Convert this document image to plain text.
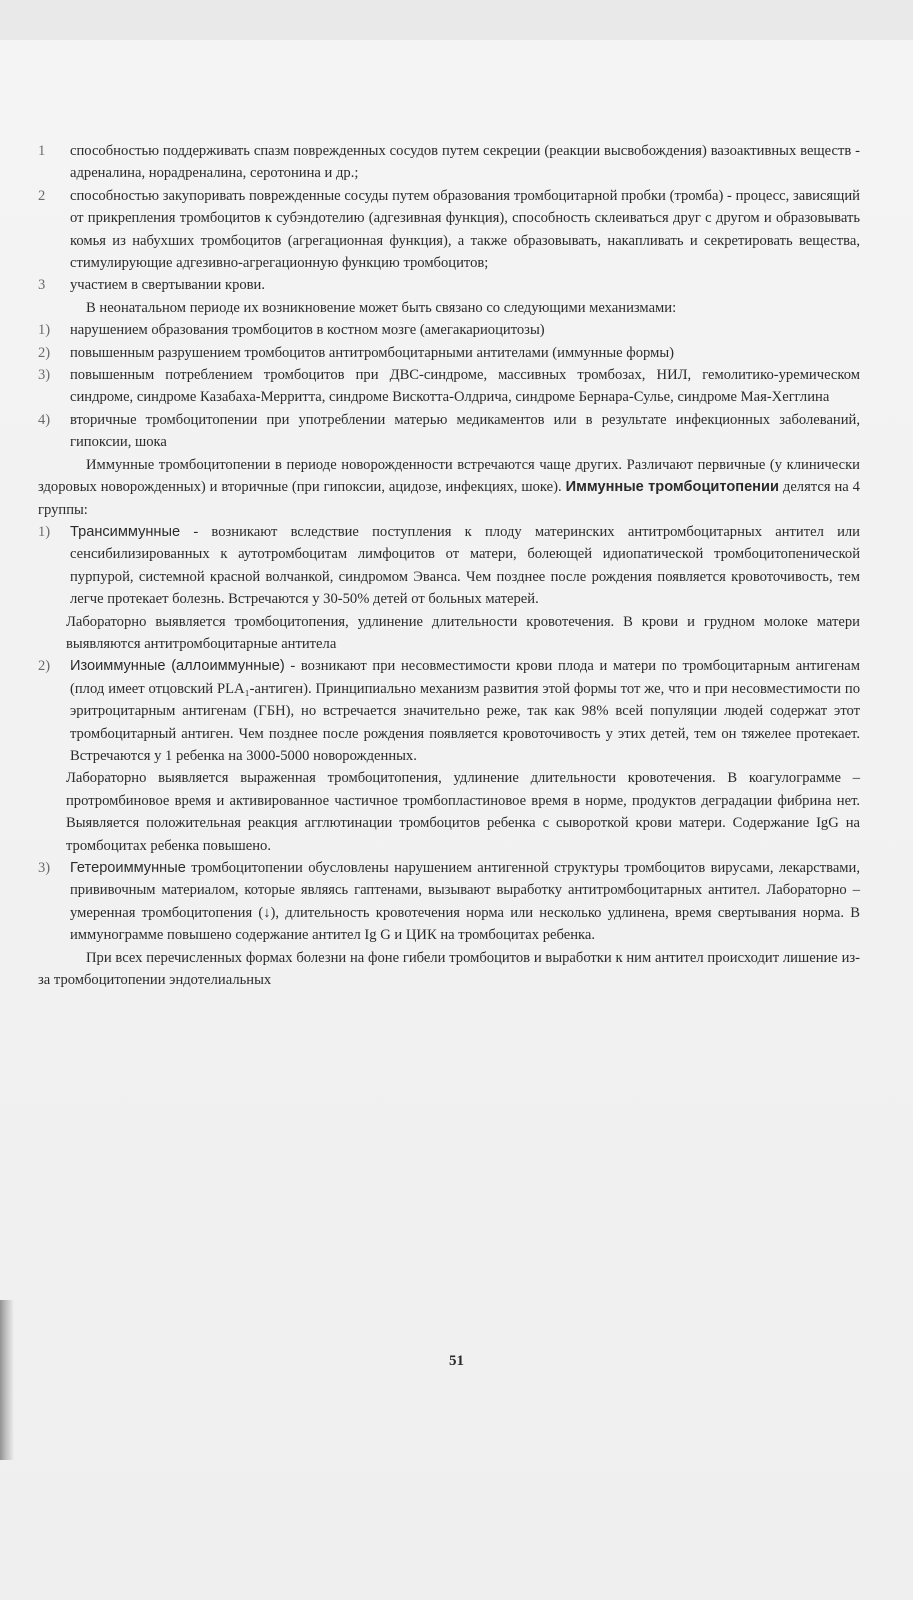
1	способностью поддерживать спазм поврежденных сосудов путем секреции (реакции высвобождения) вазоактивных веществ - адреналина, норадреналина, серотонина и др.;

2	способностью закупоривать поврежденные сосуды путем образования тромбоцитарной пробки (тромба) - процесс, зависящий от прикрепления тромбоцитов к субэндотелию (адгезивная функция), способность склеиваться друг с другом и образовывать комья из набухших тромбоцитов (агрегационная функция), а также образовывать, накапливать и секретировать вещества, стимулирующие адгезивно-агрегационную функцию тромбоцитов;

3	участием в свертывании крови.

В неонатальном периоде их возникновение может быть связано со следующими механизмами:

1)	нарушением образования тромбоцитов в костном мозге (амегакариоцитозы)

2)	повышенным разрушением тромбоцитов антитромбоцитарными антителами (иммунные формы)

3)	повышенным потреблением тромбоцитов при ДВС-синдроме, массивных тромбозах, НИЛ, гемолитико-уремическом синдроме, синдроме Казабаха-Мерритта, синдроме Вискотта-Олдрича, синдроме Бернара-Сулье, синдроме Мая-Хегглина

4)	вторичные тромбоцитопении при употреблении матерью медикаментов или в результате инфекционных заболеваний, гипоксии, шока

Иммунные тромбоцитопении в периоде новорожденности встречаются чаще других. Различают первичные (у клинически здоровых новорожденных) и вторичные (при гипоксии, ацидозе, инфекциях, шоке). Иммунные тромбоцитопении делятся на 4 группы:

1)	Трансиммунные - возникают вследствие поступления к плоду материнских антитромбоцитарных антител или сенсибилизированных к аутотромбоцитам лимфоцитов от матери, болеющей идиопатической тромбоцитопенической пурпурой, системной красной волчанкой, синдромом Эванса. Чем позднее после рождения появляется кровоточивость, тем легче протекает болезнь. Встречаются у 30-50% детей от больных матерей.

Лабораторно выявляется тромбоцитопения, удлинение длительности кровотечения. В крови и грудном молоке матери выявляются антитромбоцитарные антитела

2)	Изоиммунные (аллоиммунные) - возникают при несовместимости крови плода и матери по тромбоцитарным антигенам (плод имеет отцовский PLA₁-антиген). Принципиально механизм развития этой формы тот же, что и при несовместимости по эритроцитарным антигенам (ГБН), но встречается значительно реже, так как 98% всей популяции людей содержат этот тромбоцитарный антиген. Чем позднее после рождения появляется кровоточивость у этих детей, тем он тяжелее протекает. Встречаются у 1 ребенка на 3000-5000 новорожденных.

Лабораторно выявляется выраженная тромбоцитопения, удлинение длительности кровотечения. В коагулограмме – протромбиновое время и активированное частичное тромбопластиновое время в норме, продуктов деградации фибрина нет. Выявляется положительная реакция агглютинации тромбоцитов ребенка с сывороткой крови матери. Содержание IgG на тромбоцитах ребенка повышено.

3)	Гетероиммунные тромбоцитопении обусловлены нарушением антигенной структуры тромбоцитов вирусами, лекарствами, прививочным материалом, которые являясь гаптенами, вызывают выработку антитромбоцитарных антител. Лабораторно – умеренная тромбоцитопения (↓), длительность кровотечения норма или несколько удлинена, время свертывания норма. В иммунограмме повышено содержание антител Ig G и ЦИК на тромбоцитах ребенка.

При всех перечисленных формах болезни на фоне гибели тромбоцитов и выработки к ним антител происходит лишение из-за тромбоцитопении эндотелиальных

51
